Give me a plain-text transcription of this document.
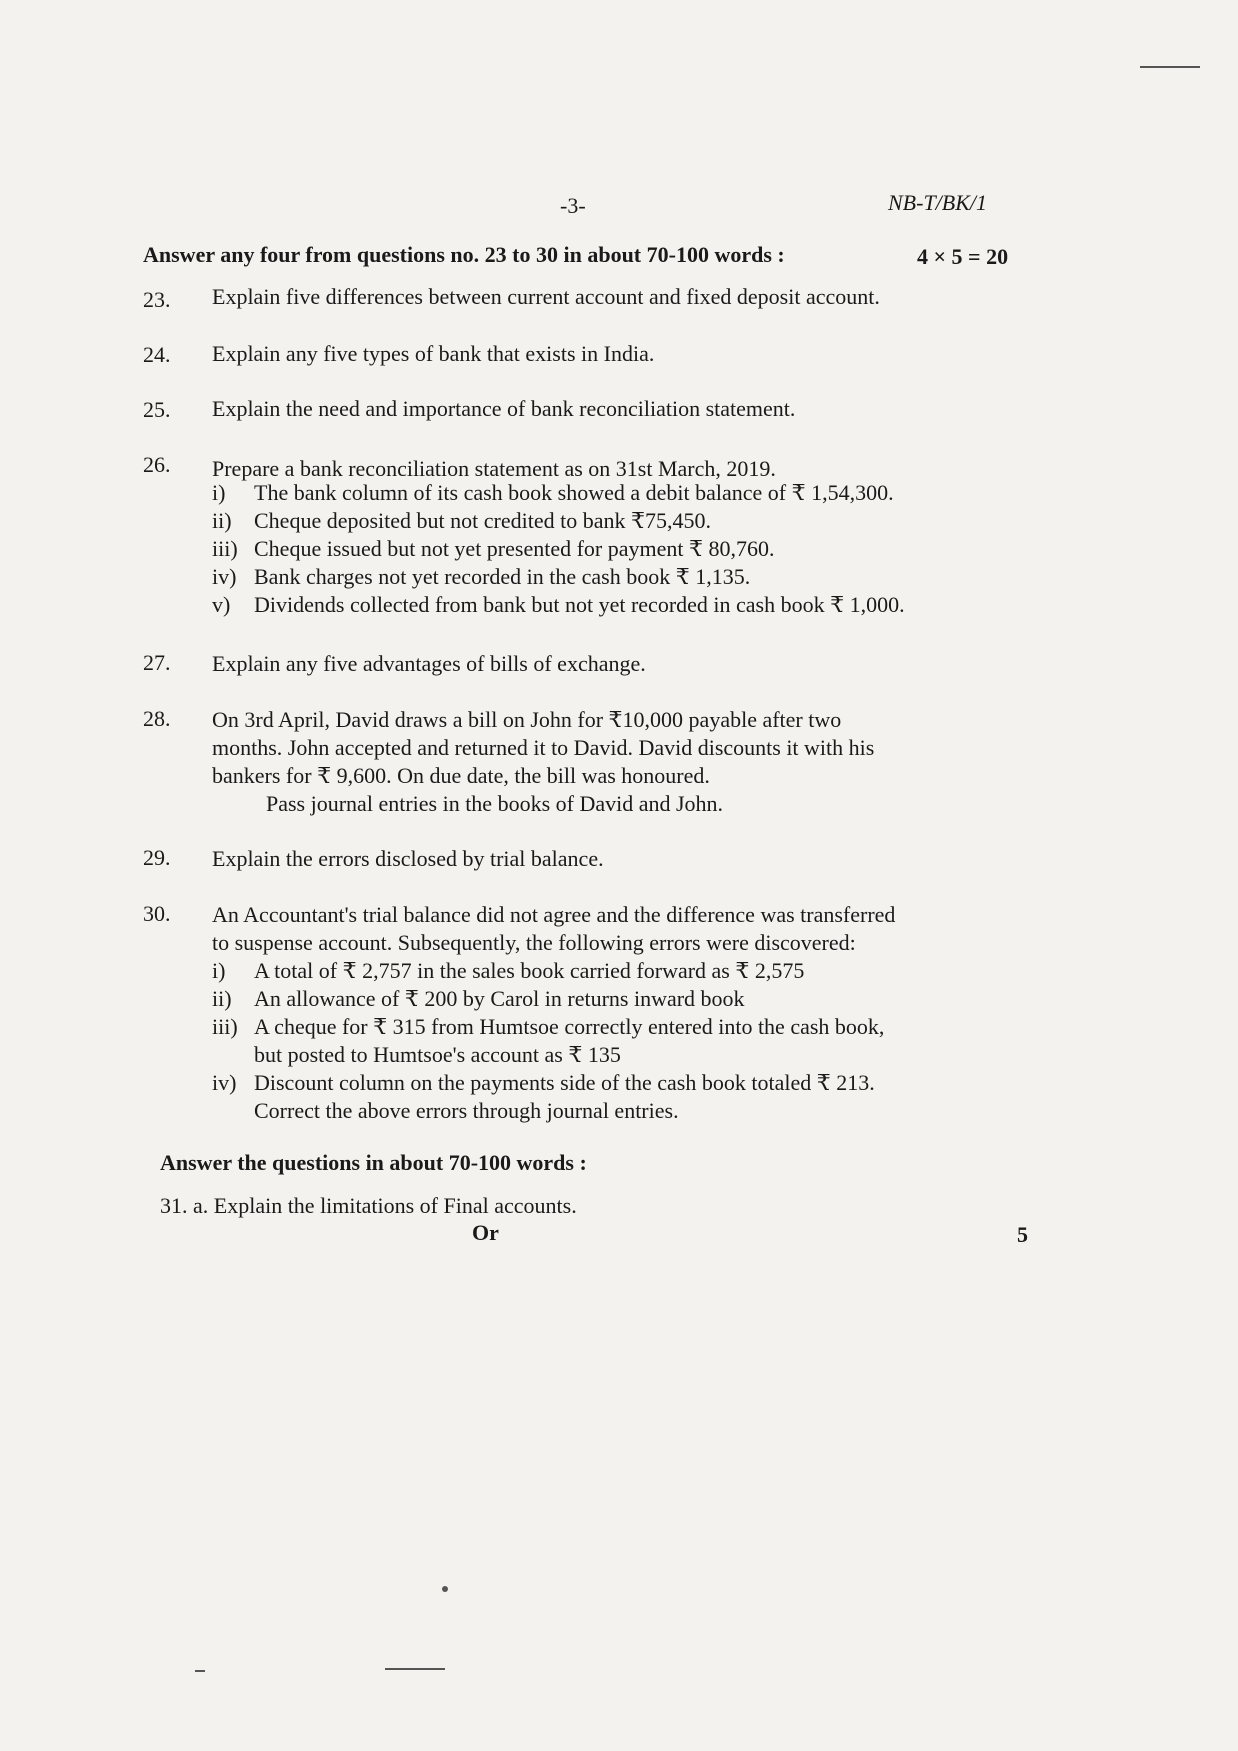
-3-	NB-T/BK/1
Answer any four from questions no. 23 to 30 in about 70-100 words :	4 × 5 = 20
23. Explain five differences between current account and fixed deposit account.
24. Explain any five types of bank that exists in India.
25. Explain the need and importance of bank reconciliation statement.
26. Prepare a bank reconciliation statement as on 31st March, 2019.
i) The bank column of its cash book showed a debit balance of ₹ 1,54,300.
ii) Cheque deposited but not credited to bank ₹75,450.
iii) Cheque issued but not yet presented for payment ₹ 80,760.
iv) Bank charges not yet recorded in the cash book ₹ 1,135.
v) Dividends collected from bank but not yet recorded in cash book ₹ 1,000.
27. Explain any five advantages of bills of exchange.
28. On 3rd April, David draws a bill on John for ₹10,000 payable after two
months. John accepted and returned it to David. David discounts it with his
bankers for ₹ 9,600. On due date, the bill was honoured.
Pass journal entries in the books of David and John.
29. Explain the errors disclosed by trial balance.
30. An Accountant's trial balance did not agree and the difference was transferred
to suspense account. Subsequently, the following errors were discovered:
i) A total of ₹ 2,757 in the sales book carried forward as ₹ 2,575
ii) An allowance of ₹ 200 by Carol in returns inward book
iii) A cheque for ₹ 315 from Humtsoe correctly entered into the cash book,
but posted to Humtsoe's account as ₹ 135
iv) Discount column on the payments side of the cash book totaled ₹ 213.
Correct the above errors through journal entries.
Answer the questions in about 70-100 words :
31. a. Explain the limitations of Final accounts.
Or	5
